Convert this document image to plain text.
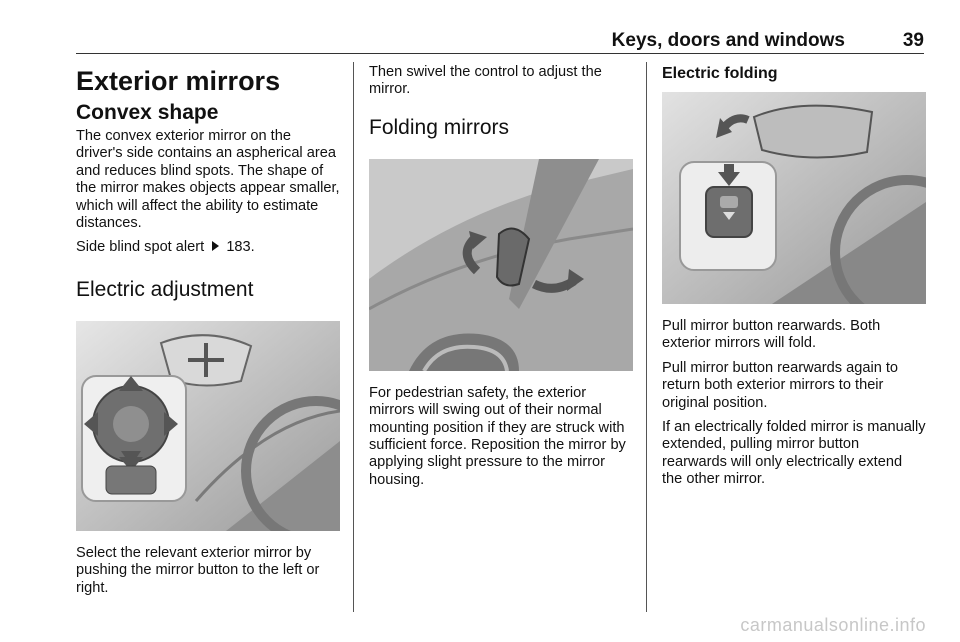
Keys, doors and windows	39
Exterior mirrors
Convex shape

The convex exterior mirror on the driver's side contains an aspherical area and reduces blind spots. The shape of the mirror makes objects appear smaller, which will affect the ability to estimate distances.

Side blind spot alert 183.

Electric adjustment

Select the relevant exterior mirror by pushing the mirror button to the left or right.

Then swivel the control to adjust the mirror.

Folding mirrors

For pedestrian safety, the exterior mirrors will swing out of their normal mounting position if they are struck with sufficient force. Reposition the mirror by applying slight pressure to the mirror housing.

Electric folding

Pull mirror button rearwards. Both exterior mirrors will fold.

Pull mirror button rearwards again to return both exterior mirrors to their original position.

If an electrically folded mirror is manually extended, pulling mirror button rearwards will only electrically extend the other mirror.

carmanualsonline.info
